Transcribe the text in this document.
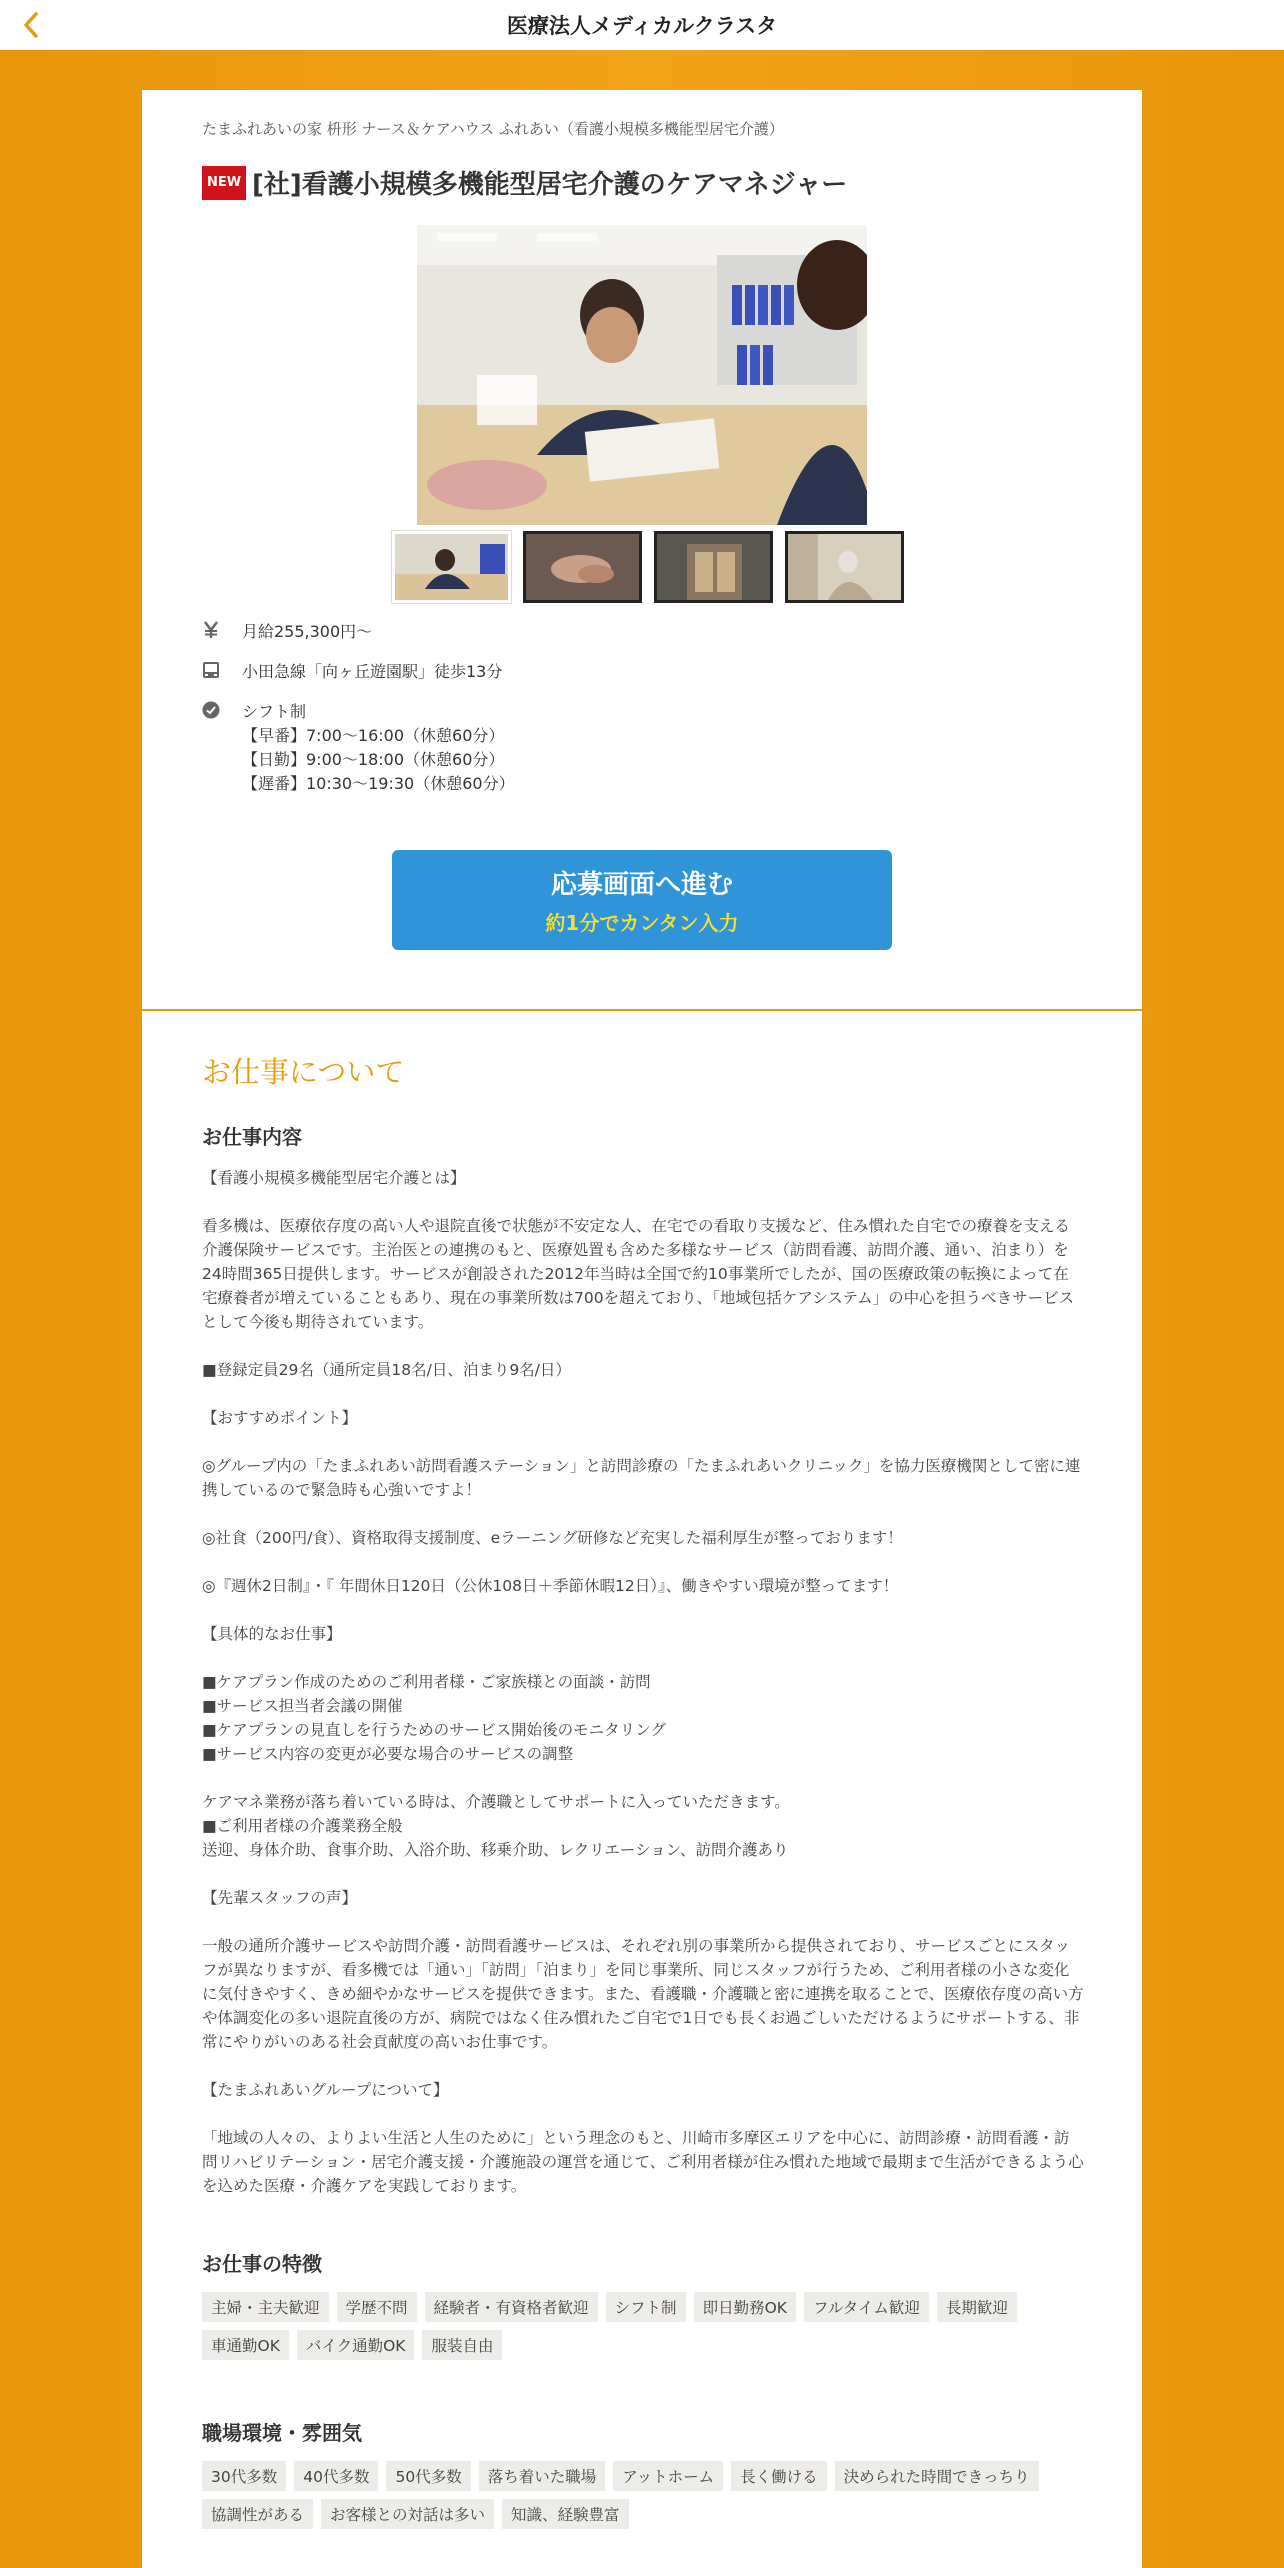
医療法人メディカルクラスタ
たまふれあいの家 枡形 ナース＆ケアハウス ふれあい（看護小規模多機能型居宅介護）
NEW [社]看護小規模多機能型居宅介護のケアマネジャー
月給255,300円〜
小田急線「向ヶ丘遊園駅」徒歩13分
シフト制
【早番】7:00～16:00（休憩60分）
【日勤】9:00～18:00（休憩60分）
【遅番】10:30～19:30（休憩60分）
応募画面へ進む
約1分でカンタン入力
お仕事について
お仕事内容

【看護小規模多機能型居宅介護とは】

看多機は、医療依存度の高い人や退院直後で状態が不安定な人、在宅での看取り支援など、住み慣れた自宅での療養を支える介護保険サービスです。主治医との連携のもと、医療処置も含めた多様なサービス（訪問看護、訪問介護、通い、泊まり）を24時間365日提供します。サービスが創設された2012年当時は全国で約10事業所でしたが、国の医療政策の転換によって在宅療養者が増えていることもあり、現在の事業所数は700を超えており、「地域包括ケアシステム」の中心を担うべきサービスとして今後も期待されています。

■登録定員29名（通所定員18名/日、泊まり9名/日）

【おすすめポイント】

◎グループ内の「たまふれあい訪問看護ステーション」と訪問診療の「たまふれあいクリニック」を協力医療機関として密に連携しているので緊急時も心強いですよ！

◎社食（200円/食）、資格取得支援制度、eラーニング研修など充実した福利厚生が整っております！

◎『週休2日制』・『 年間休日120日（公休108日＋季節休暇12日）』、働きやすい環境が整ってます！

【具体的なお仕事】

■ケアプラン作成のためのご利用者様・ご家族様との面談・訪問

■サービス担当者会議の開催

■ケアプランの見直しを行うためのサービス開始後のモニタリング

■サービス内容の変更が必要な場合のサービスの調整

ケアマネ業務が落ち着いている時は、介護職としてサポートに入っていただきます。

■ご利用者様の介護業務全般

送迎、身体介助、食事介助、入浴介助、移乗介助、レクリエーション、訪問介護あり

【先輩スタッフの声】

一般の通所介護サービスや訪問介護・訪問看護サービスは、それぞれ別の事業所から提供されており、サービスごとにスタッフが異なりますが、看多機では「通い」「訪問」「泊まり」を同じ事業所、同じスタッフが行うため、ご利用者様の小さな変化に気付きやすく、きめ細やかなサービスを提供できます。また、看護職・介護職と密に連携を取ることで、医療依存度の高い方や体調変化の多い退院直後の方が、病院ではなく住み慣れたご自宅で1日でも長くお過ごしいただけるようにサポートする、非常にやりがいのある社会貢献度の高いお仕事です。

【たまふれあいグループについて】

「地域の人々の、よりよい生活と人生のために」という理念のもと、川崎市多摩区エリアを中心に、訪問診療・訪問看護・訪問リハビリテーション・居宅介護支援・介護施設の運営を通じて、ご利用者様が住み慣れた地域で最期まで生活ができるよう心を込めた医療・介護ケアを実践しております。

お仕事の特徴
主婦・主夫歓迎	学歴不問	経験者・有資格者歓迎	シフト制	即日勤務OK	フルタイム歓迎	長期歓迎
車通勤OK	バイク通勤OK	服装自由
職場環境・雰囲気
30代多数	40代多数	50代多数	落ち着いた職場	アットホーム	長く働ける	決められた時間できっちり
協調性がある	お客様との対話は多い	知識、経験豊富
